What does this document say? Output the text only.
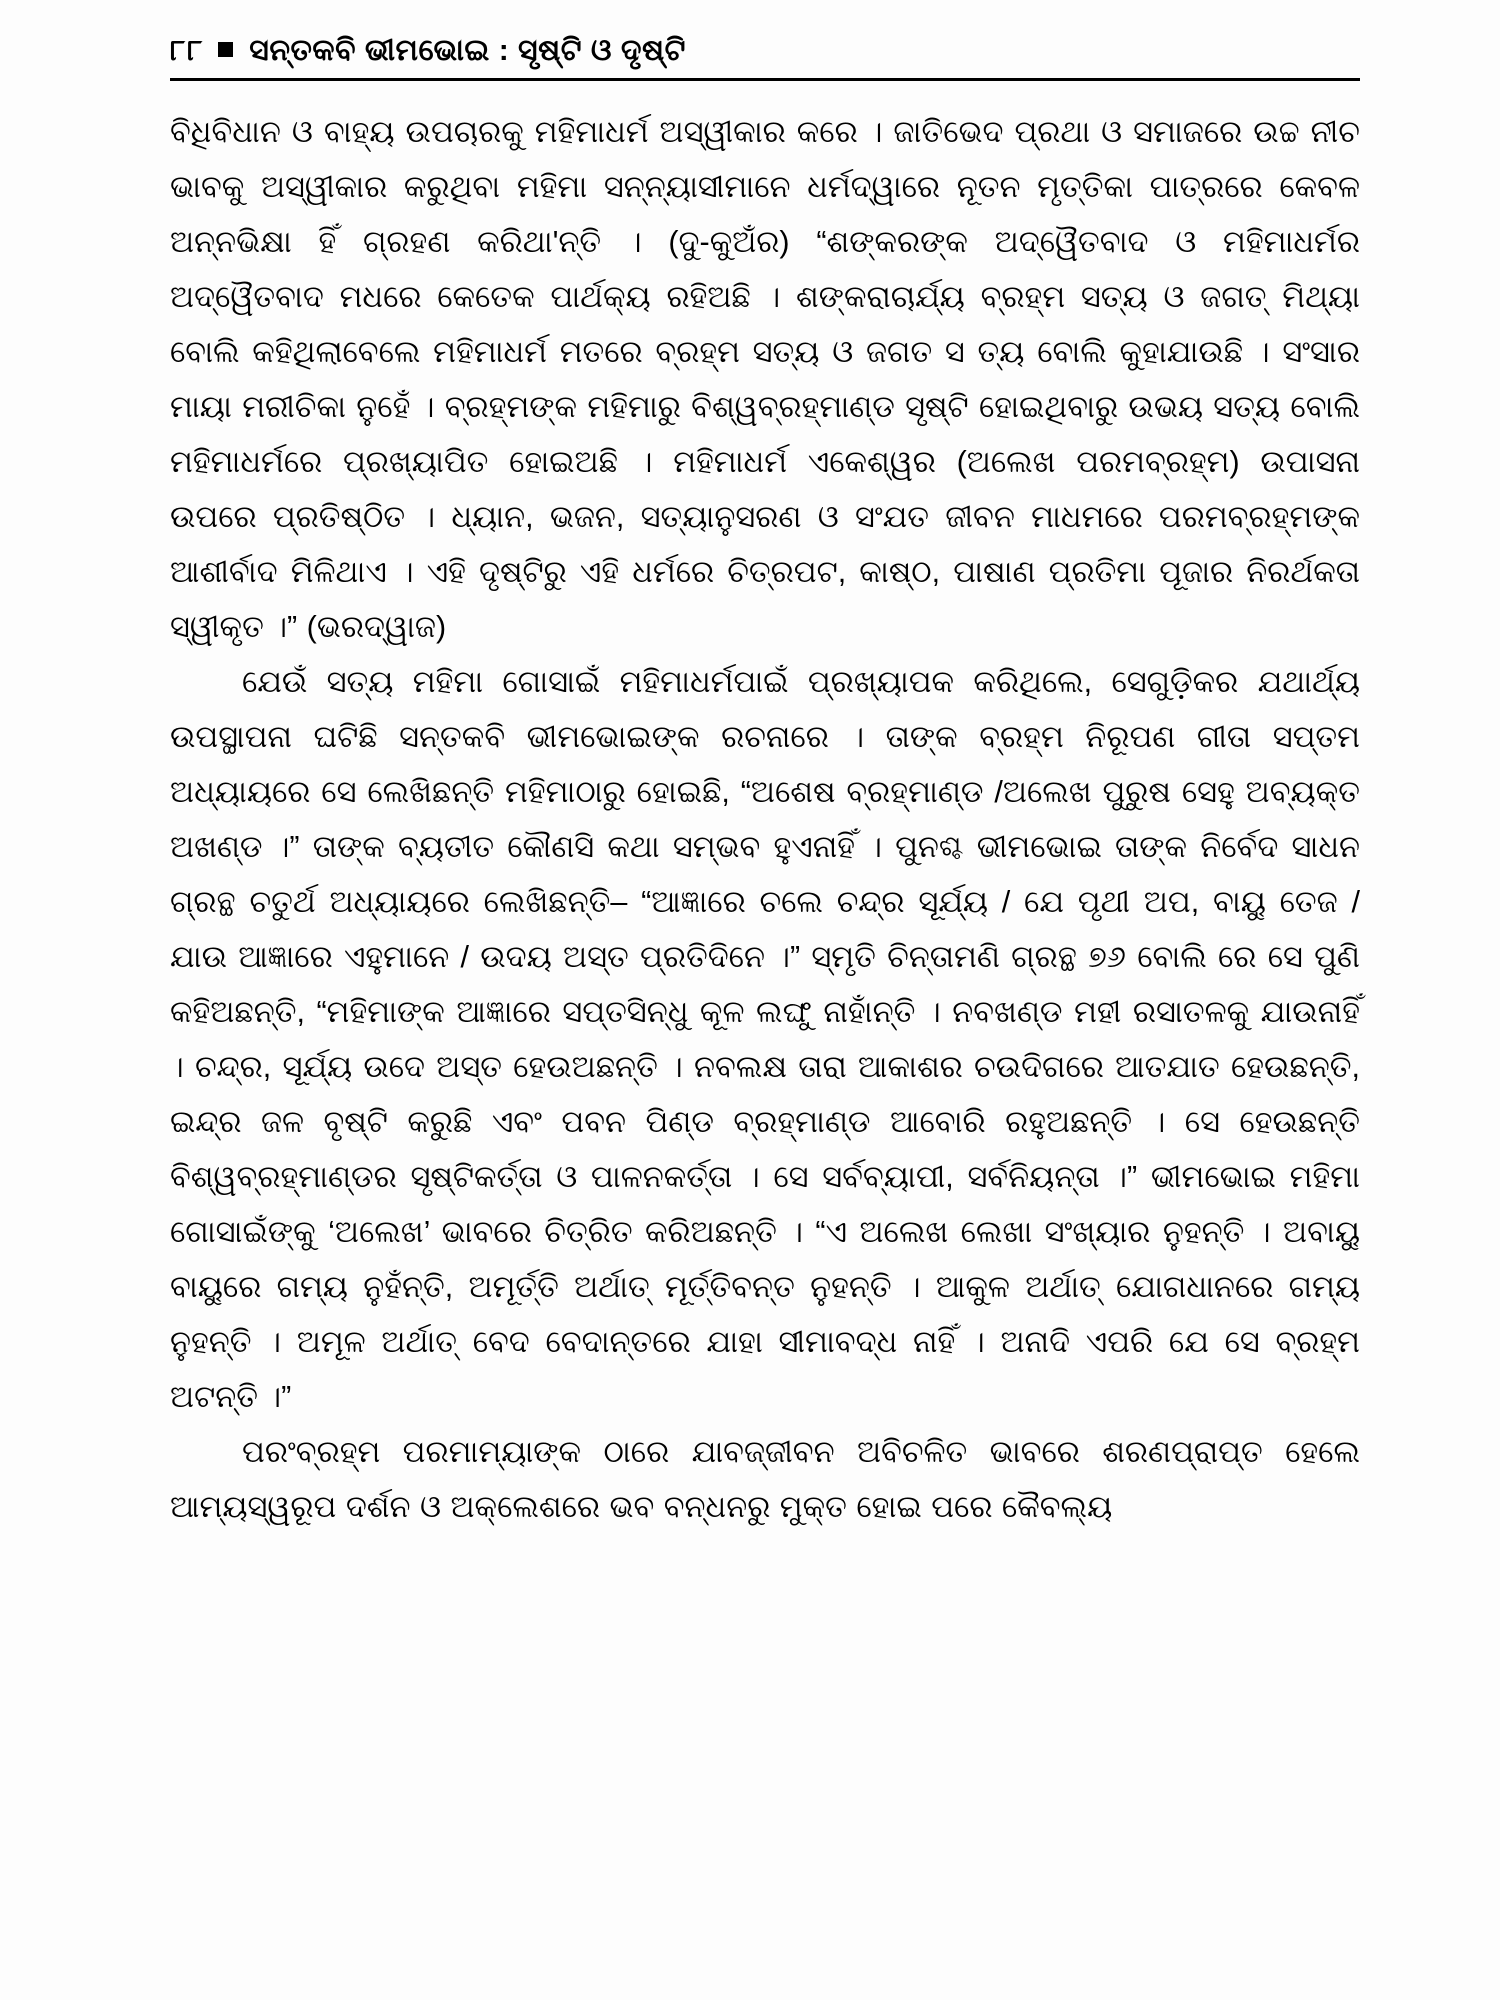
୮୮ ସନ୍ତକବି ଭୀମଭୋଇ : ସୃଷ୍ଟି ଓ ଦୃଷ୍ଟି

ବିଧିବିଧାନ ଓ ବାହ୍ୟ ଉପଚାରକୁ ମହିମାଧର୍ମ ଅସ୍ୱୀକାର କରେ । ଜାତିଭେଦ ପ୍ରଥା ଓ ସମାଜରେ ଉଚ୍ଚ ନୀଚ ଭାବକୁ ଅସ୍ୱୀକାର କରୁଥିବା ମହିମା ସନ୍ନ୍ୟାସୀମାନେ ଧର୍ମଦ୍ୱାରେ ନୂତନ ମୃତ୍ତିକା ପାତ୍ରରେ କେବଳ ଅନ୍ନଭିକ୍ଷା ହିଁ ଗ୍ରହଣ କରିଥା'ନ୍ତି । (ଦୁ-କୁଅଁର) “ଶଙ୍କରଙ୍କ ଅଦ୍ୱୈତବାଦ ଓ ମହିମାଧର୍ମର ଅଦ୍ୱୈତବାଦ ମଧରେ କେତେକ ପାର୍ଥକ୍ୟ ରହିଅଛି । ଶଙ୍କରାଚାର୍ଯ୍ୟ ବ୍ରହ୍ମ ସତ୍ୟ ଓ ଜଗତ୍ ମିଥ୍ୟା ବୋଲି କହିଥିଲାବେଲେ ମହିମାଧର୍ମ ମତରେ ବ୍ରହ୍ମ ସତ୍ୟ ଓ ଜଗତ ସ ତ୍ୟ ବୋଲି କୁହାଯାଉଛି । ସଂସାର ମାୟା ମରୀଚିକା ନୁହେଁ । ବ୍ରହ୍ମଙ୍କ ମହିମାରୁ ବିଶ୍ୱବ୍ରହ୍ମାଣ୍ଡ ସୃଷ୍ଟି ହୋଇଥିବାରୁ ଉଭୟ ସତ୍ୟ ବୋଲି ମହିମାଧର୍ମରେ ପ୍ରଖ୍ୟାପିତ ହୋଇଅଛି । ମହିମାଧର୍ମ ଏକେଶ୍ୱର (ଅଲେଖ ପରମବ୍ରହ୍ମ) ଉପାସନା ଉପରେ ପ୍ରତିଷ୍ଠିତ । ଧ୍ୟାନ, ଭଜନ, ସତ୍ୟାନୁସରଣ ଓ ସଂଯତ ଜୀବନ ମାଧମରେ ପରମବ୍ରହ୍ମଙ୍କ ଆଶୀର୍ବାଦ ମିଳିଥାଏ । ଏହି ଦୃଷ୍ଟିରୁ ଏହି ଧର୍ମରେ ଚିତ୍ରପଟ, କାଷ୍ଠ, ପାଷାଣ ପ୍ରତିମା ପୂଜାର ନିରର୍ଥକତା ସ୍ୱୀକୃତ ।” (ଭରଦ୍ୱାଜ)

ଯେଉଁ ସତ୍ୟ ମହିମା ଗୋସାଇଁ ମହିମାଧର୍ମପାଇଁ ପ୍ରଖ୍ୟାପକ କରିଥିଲେ, ସେଗୁଡ଼ିକର ଯଥାର୍ଥ୍ୟ ଉପସ୍ଥାପନା ଘଟିଛି ସନ୍ତକବି ଭୀମଭୋଇଙ୍କ ରଚନାରେ । ତାଙ୍କ ବ୍ରହ୍ମ ନିରୂପଣ ଗୀତା ସପ୍ତମ ଅଧ୍ୟାୟରେ ସେ ଲେଖିଛନ୍ତି ମହିମାଠାରୁ ହୋଇଛି, “ଅଶେଷ ବ୍ରହ୍ମାଣ୍ଡ /ଅଲେଖ ପୁରୁଷ ସେହୁ ଅବ୍ୟକ୍ତ ଅଖଣ୍ଡ ।” ତାଙ୍କ ବ୍ୟତୀତ କୌଣସି କଥା ସମ୍ଭବ ହୁଏନାହିଁ । ପୁନଶ୍ଚ ଭୀମଭୋଇ ତାଙ୍କ ନିର୍ବେଦ ସାଧନ ଗ୍ରନ୍ଥ ଚତୁର୍ଥ ଅଧ୍ୟାୟରେ ଲେଖିଛନ୍ତି– “ଆଜ୍ଞାରେ ଚଲେ ଚନ୍ଦ୍ର ସୂର୍ଯ୍ୟ / ଯେ ପୃଥୀ ଅପ, ବାୟୁ ତେଜ / ଯାଉ ଆଜ୍ଞାରେ ଏହୁମାନେ / ଉଦୟ ଅସ୍ତ ପ୍ରତିଦିନେ ।” ସ୍ମୃତି ଚିନ୍ତାମଣି ଗ୍ରନ୍ଥ ୭୬ ବୋଲି ରେ ସେ ପୁଣି କହିଅଛନ୍ତି, “ମହିମାଙ୍କ ଆଜ୍ଞାରେ ସପ୍ତସିନ୍ଧୁ କୂଳ ଲଙ୍ଘୁ ନାହାଁନ୍ତି । ନବଖଣ୍ଡ ମହୀ ରସାତଳକୁ ଯାଉନାହିଁ । ଚନ୍ଦ୍ର, ସୂର୍ଯ୍ୟ ଉଦେ ଅସ୍ତ ହେଉଅଛନ୍ତି । ନବଲକ୍ଷ ତାରା ଆକାଶର ଚଉଦିଗରେ ଆତଯାତ ହେଉଛନ୍ତି, ଇନ୍ଦ୍ର ଜଳ ବୃଷ୍ଟି କରୁଛି ଏବଂ ପବନ ପିଣ୍ଡ ବ୍ରହ୍ମାଣ୍ଡ ଆବୋରି ରହୁଅଛନ୍ତି । ସେ ହେଉଛନ୍ତି ବିଶ୍ୱବ୍ରହ୍ମାଣ୍ଡର ସୃଷ୍ଟିକର୍ତ୍ତା ଓ ପାଳନକର୍ତ୍ତା । ସେ ସର୍ବବ୍ୟାପୀ, ସର୍ବନିୟନ୍ତା ।” ଭୀମଭୋଇ ମହିମା ଗୋସାଇଁଙ୍କୁ ‘ଅଲେଖ’ ଭାବରେ ଚିତ୍ରିତ କରିଅଛନ୍ତି । “ଏ ଅଲେଖ ଲେଖା ସଂଖ୍ୟାର ନୁହନ୍ତି । ଅବାୟୁ ବାୟୁରେ ଗମ୍ୟ ନୁହଁନ୍ତି, ଅମୂର୍ତ୍ତି ଅର୍ଥାତ୍ ମୂର୍ତ୍ତିବନ୍ତ ନୁହନ୍ତି । ଆକୁଳ ଅର୍ଥାତ୍ ଯୋଗଧାନରେ ଗମ୍ୟ ନୁହନ୍ତି । ଅମୂଳ ଅର୍ଥାତ୍ ବେଦ ବେଦାନ୍ତରେ ଯାହା ସୀମାବଦ୍ଧ ନାହିଁ । ଅନାଦି ଏପରି ଯେ ସେ ବ୍ରହ୍ମ ଅଟନ୍ତି ।”

ପରଂବ୍ରହ୍ମ ପରମାମ୍ୟାଙ୍କ ଠାରେ ଯାବଜ୍ଜୀବନ ଅବିଚଳିତ ଭାବରେ ଶରଣପ୍ରାପ୍ତ ହେଲେ ଆମ୍ୟସ୍ୱରୂପ ଦର୍ଶନ ଓ ଅକ୍ଲେଶରେ ଭବ ବନ୍ଧନରୁ ମୁକ୍ତ ହୋଇ ପରେ କୈବଲ୍ୟ
